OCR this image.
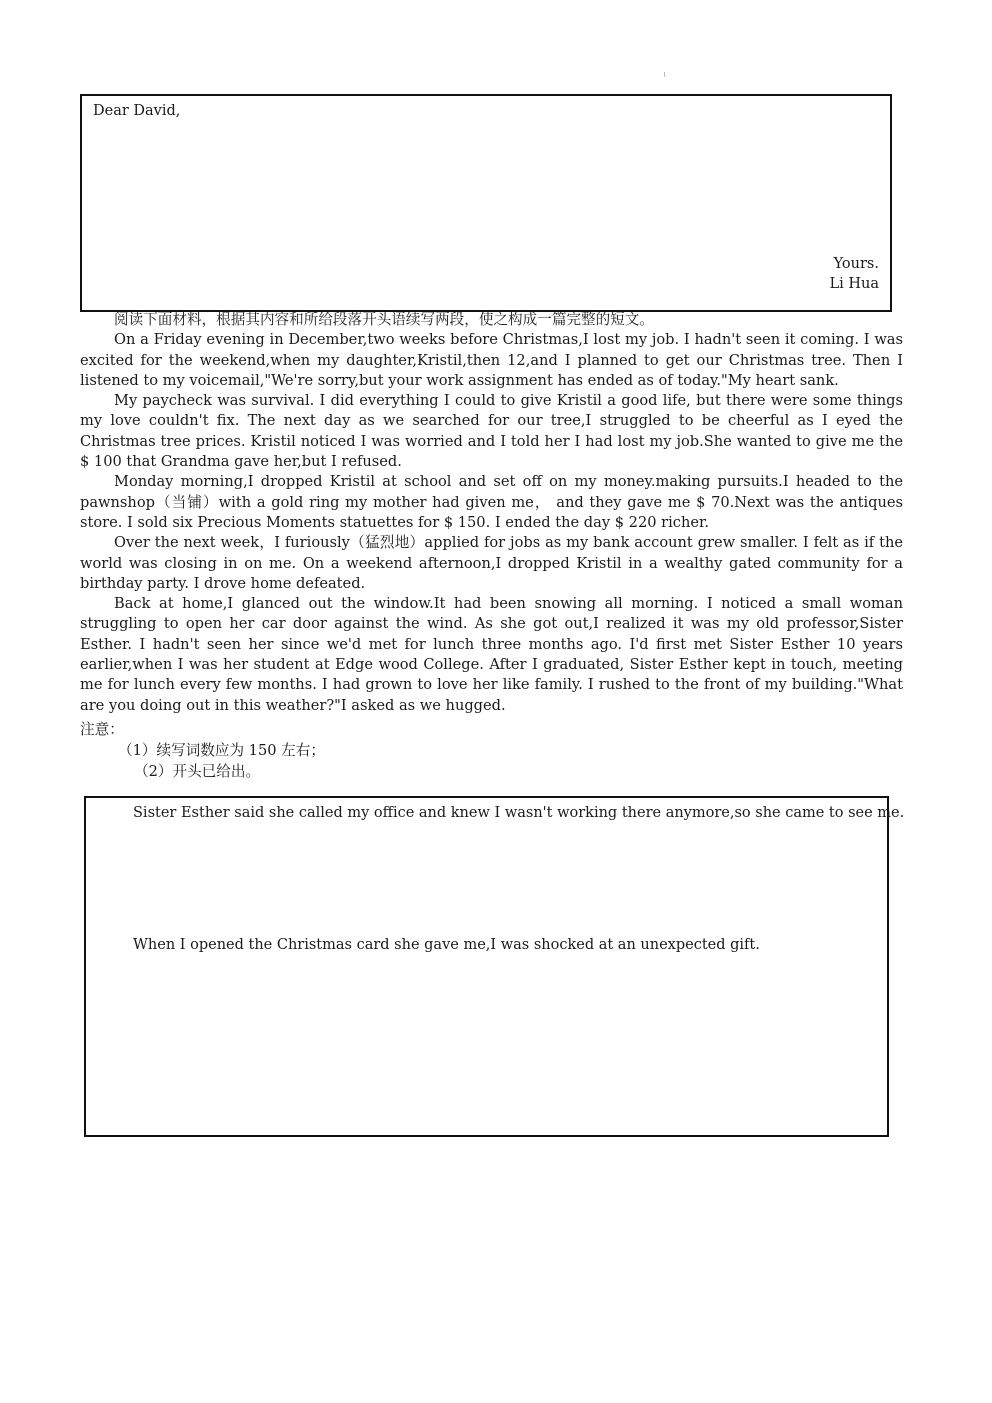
Dear David,
Yours.
Li Hua

阅读下面材料，根据其内容和所给段落开头语续写两段，使之构成一篇完整的短文。

On a Friday evening in December,two weeks before Christmas,I lost my job. I hadn't seen it coming. I was excited for the weekend,when my daughter,Kristil,then 12,and I planned to get our Christmas tree. Then I listened to my voicemail,"We're sorry,but your work assignment has ended as of today."My heart sank.

My paycheck was survival. I did everything I could to give Kristil a good life, but there were some things my love couldn't fix. The next day as we searched for our tree,I struggled to be cheerful as I eyed the Christmas tree prices. Kristil noticed I was worried and I told her I had lost my job.She wanted to give me the $ 100 that Grandma gave her,but I refused.

Monday morning,I dropped Kristil at school and set off on my money.making pursuits.I headed to the pawnshop（当铺）with a gold ring my mother had given me， and they gave me $ 70.Next was the antiques store. I sold six Precious Moments statuettes for $ 150. I ended the day $ 220 richer.

Over the next week，I furiously（猛烈地）applied for jobs as my bank account grew smaller. I felt as if the world was closing in on me. On a weekend afternoon,I dropped Kristil in a wealthy gated community for a birthday party. I drove home defeated.

Back at home,I glanced out the window.It had been snowing all morning. I noticed a small woman struggling to open her car door against the wind. As she got out,I realized it was my old professor,Sister Esther. I hadn't seen her since we'd met for lunch three months ago. I'd first met Sister Esther 10 years earlier,when I was her student at Edge wood College. After I graduated, Sister Esther kept in touch, meeting me for lunch every few months. I had grown to love her like family. I rushed to the front of my building."What are you doing out in this weather?"I asked as we hugged.

注意：
（1）续写词数应为 150 左右；
（2）开头已给出。
Sister Esther said she called my office and knew I wasn't working there anymore,so she came to see me.
When I opened the Christmas card she gave me,I was shocked at an unexpected gift.
